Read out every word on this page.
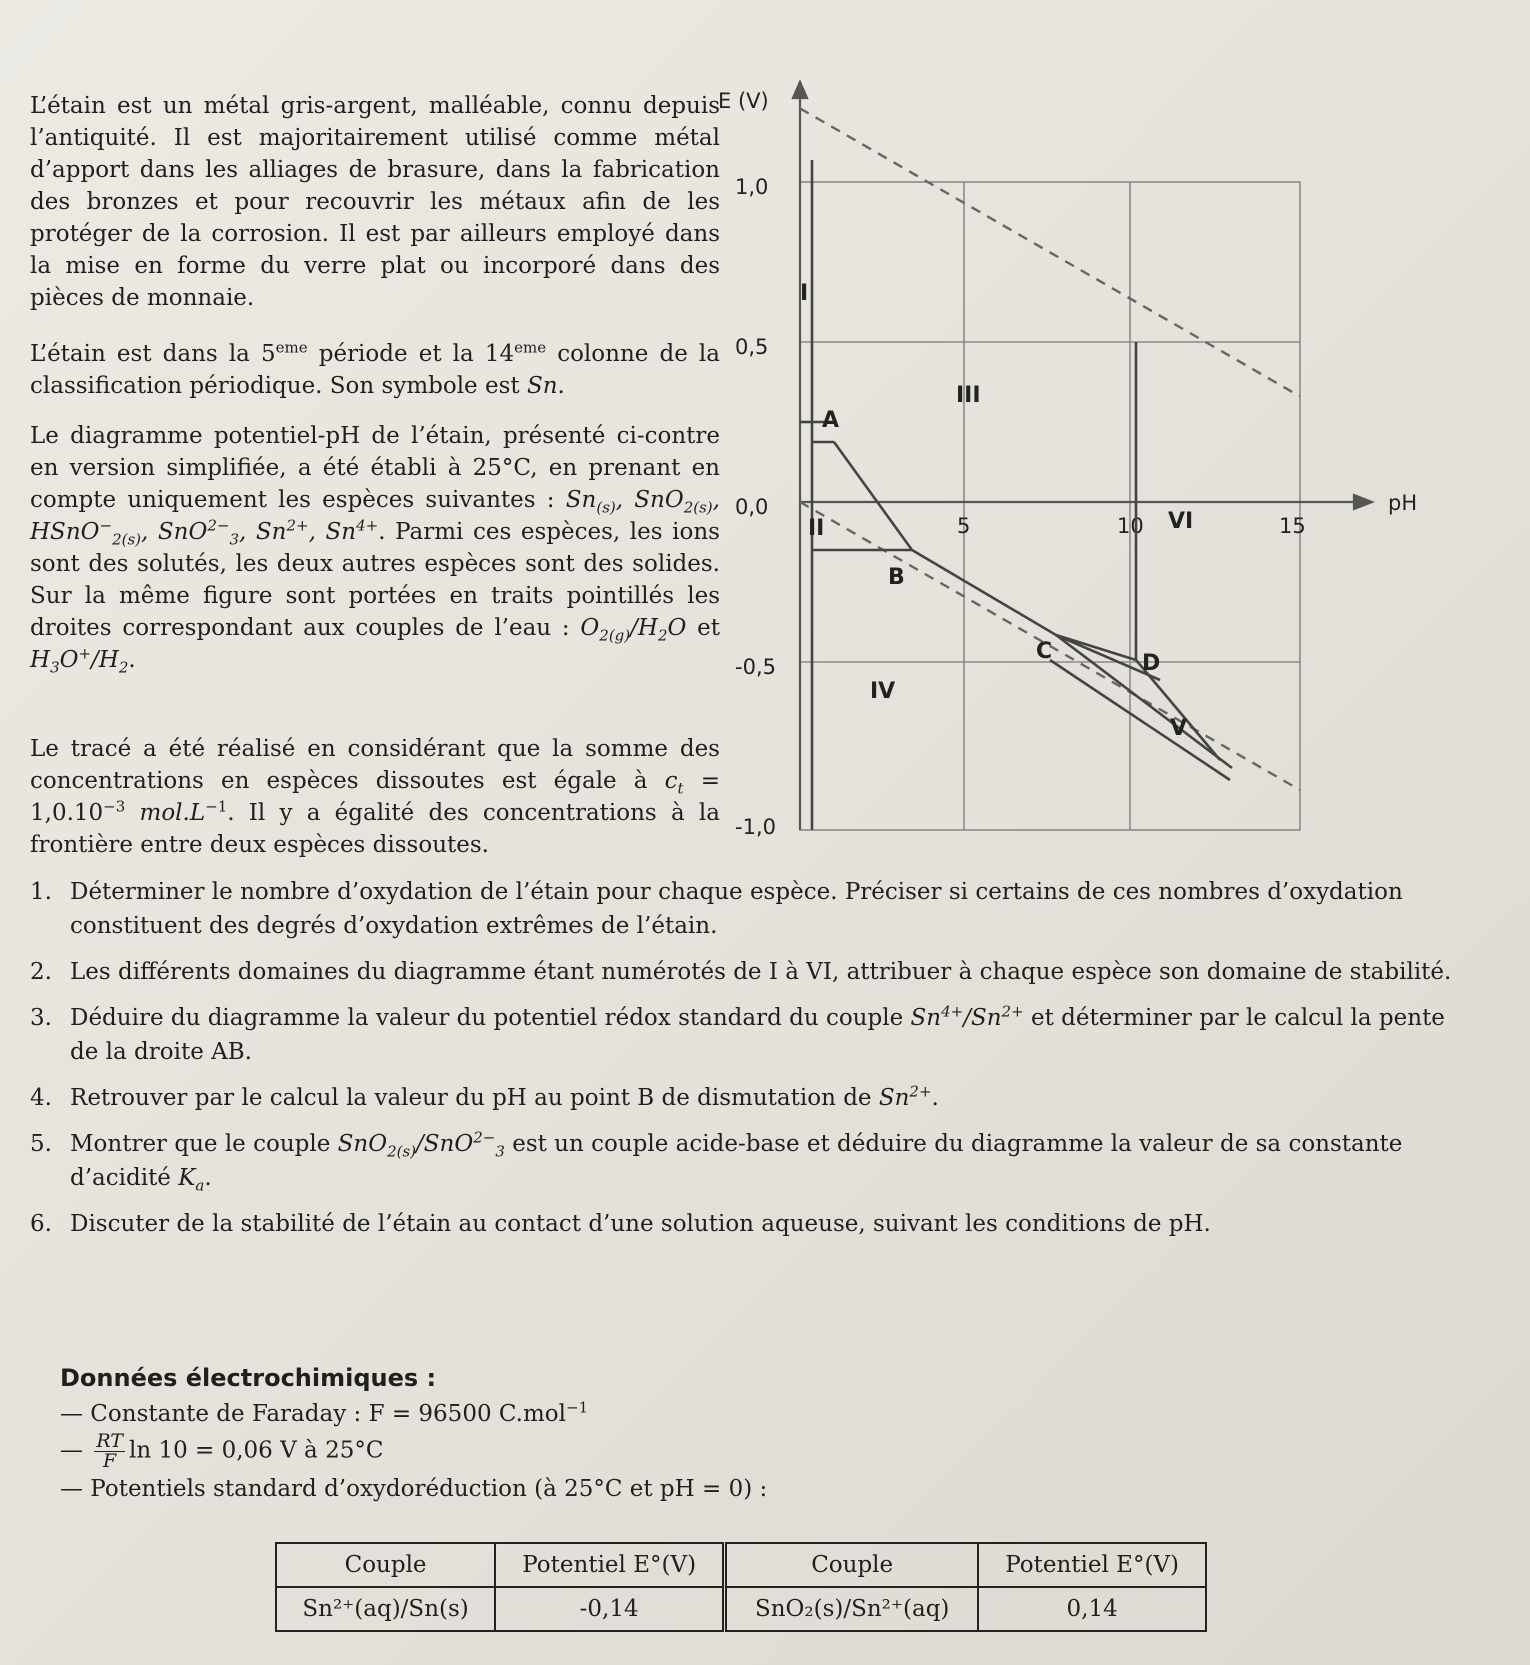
L’étain est un métal gris-argent, malléable, connu depuis l’antiquité. Il est majoritairement utilisé comme métal d’apport dans les alliages de brasure, dans la fabrication des bronzes et pour recouvrir les métaux afin de les protéger de la corrosion. Il est par ailleurs employé dans la mise en forme du verre plat ou incorporé dans des pièces de monnaie.

L’étain est dans la 5eme période et la 14eme colonne de la classification périodique. Son symbole est Sn.

Le diagramme potentiel-pH de l’étain, présenté ci-contre en version simplifiée, a été établi à 25°C, en prenant en compte uniquement les espèces suivantes : $Sn_{(s)}$, SnO$_{2(s)}$, HSnO−$_{2(s)}$, SnO$^{2-}_3$, $Sn^{2+}$, $Sn^{4+}$. Parmi ces espèces, les ions sont des solutés, les deux autres espèces sont des solides. Sur la même figure sont portées en traits pointillés les droites correspondant aux couples de l’eau : $O_{2(g)}/H_2O$ et $H_3O^+/H_2$.

Le tracé a été réalisé en considérant que la somme des concentrations en espèces dissoutes est égale à $c_t = 1,0.10^{-3}$ $mol.L^{-1}$. Il y a égalité des concentrations à la frontière entre deux espèces dissoutes.

E (V)
pH
1,0
0,5
0,0
-0,5
-1,0
5	10	15
I
II
III
IV
V
VI
A
B
C	D
1. Déterminer le nombre d’oxydation de l’étain pour chaque espèce. Préciser si certains de ces nombres d’oxydation constituent des degrés d’oxydation extrêmes de l’étain.
2. Les différents domaines du diagramme étant numérotés de I à VI, attribuer à chaque espèce son domaine de stabilité.
3. Déduire du diagramme la valeur du potentiel rédox standard du couple $Sn^{4+}/Sn^{2+}$ et déterminer par le calcul la pente de la droite AB.
4. Retrouver par le calcul la valeur du pH au point B de dismutation de $Sn^{2+}$.
5. Montrer que le couple SnO$_{2(s)}$/SnO$^{2-}_3$ est un couple acide-base et déduire du diagramme la valeur de sa constante d’acidité $K_a$.
6. Discuter de la stabilité de l’étain au contact d’une solution aqueuse, suivant les conditions de pH.
Données électrochimiques :
— Constante de Faraday : F = 96500 C.mol$^{-1}$
— $\frac{RT}{F}$ ln 10 = 0,06 V à 25°C
— Potentiels standard d’oxydoréduction (à 25°C et pH = 0) :
Couple	Potentiel E°(V)	Couple	Potentiel E°(V)
Sn²⁺(aq)/Sn(s)	-0,14	SnO₂(s)/Sn²⁺(aq)	0,14
